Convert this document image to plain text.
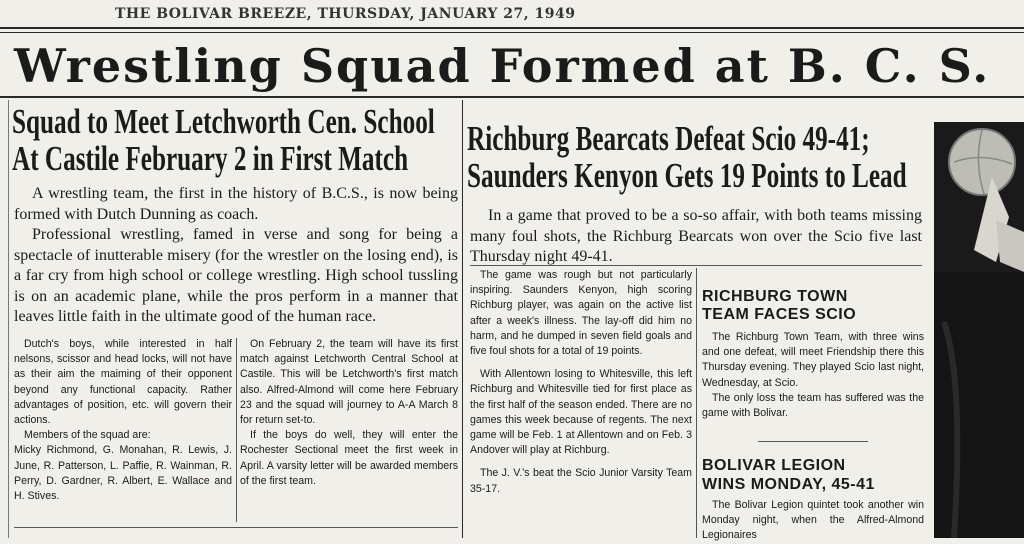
THE BOLIVAR BREEZE, THURSDAY, JANUARY 27, 1949
Wrestling Squad Formed at B. C. S.
Squad to Meet Letchworth Cen. School
At Castile February 2 in First Match

A wrestling team, the first in the history of B.C.S., is now being formed with Dutch Dunning as coach.

Professional wrestling, famed in verse and song for being a spectacle of inutterable misery (for the wrestler on the losing end), is a far cry from high school or college wrestling. High school tussling is on an academic plane, while the pros perform in a manner that leaves little faith in the ultimate good of the human race.

Dutch's boys, while interested in half nelsons, scissor and head locks, will not have as their aim the maiming of their opponent beyond any functional capacity. Rather advantages of position, etc. will govern their actions.

Members of the squad are:

Micky Richmond, G. Monahan, R. Lewis, J. June, R. Patterson, L. Paffie, R. Wainman, R. Perry, D. Gardner, R. Albert, E. Wallace and H. Stives.

On February 2, the team will have its first match against Letchworth Central School at Castile. This will be Letchworth's first match also. Alfred-Almond will come here February 23 and the squad will journey to A-A March 8 for return set-to.

If the boys do well, they will enter the Rochester Sectional meet the first week in April. A varsity letter will be awarded members of the first team.

Richburg Bearcats Defeat Scio 49-41;
Saunders Kenyon Gets 19 Points to Lead

In a game that proved to be a so-so affair, with both teams missing many foul shots, the Richburg Bearcats won over the Scio five last Thursday night 49-41.

The game was rough but not particularly inspiring. Saunders Kenyon, high scoring Richburg player, was again on the active list after a week's illness. The lay-off did him no harm, and he dumped in seven field goals and five foul shots for a total of 19 points.

With Allentown losing to Whitesville, this left Richburg and Whitesville tied for first place as the first half of the season ended. There are no games this week because of regents. The next game will be Feb. 1 at Allentown and on Feb. 3 Andover will play at Richburg.

The J. V.'s beat the Scio Junior Varsity Team 35-17.

RICHBURG TOWN
TEAM FACES SCIO

The Richburg Town Team, with three wins and one defeat, will meet Friendship there this Thursday evening. They played Scio last night, Wednesday, at Scio.

The only loss the team has suffered was the game with Bolivar.

BOLIVAR LEGION
WINS MONDAY, 45-41

The Bolivar Legion quintet took another win Monday night, when the Alfred-Almond Legionaires
